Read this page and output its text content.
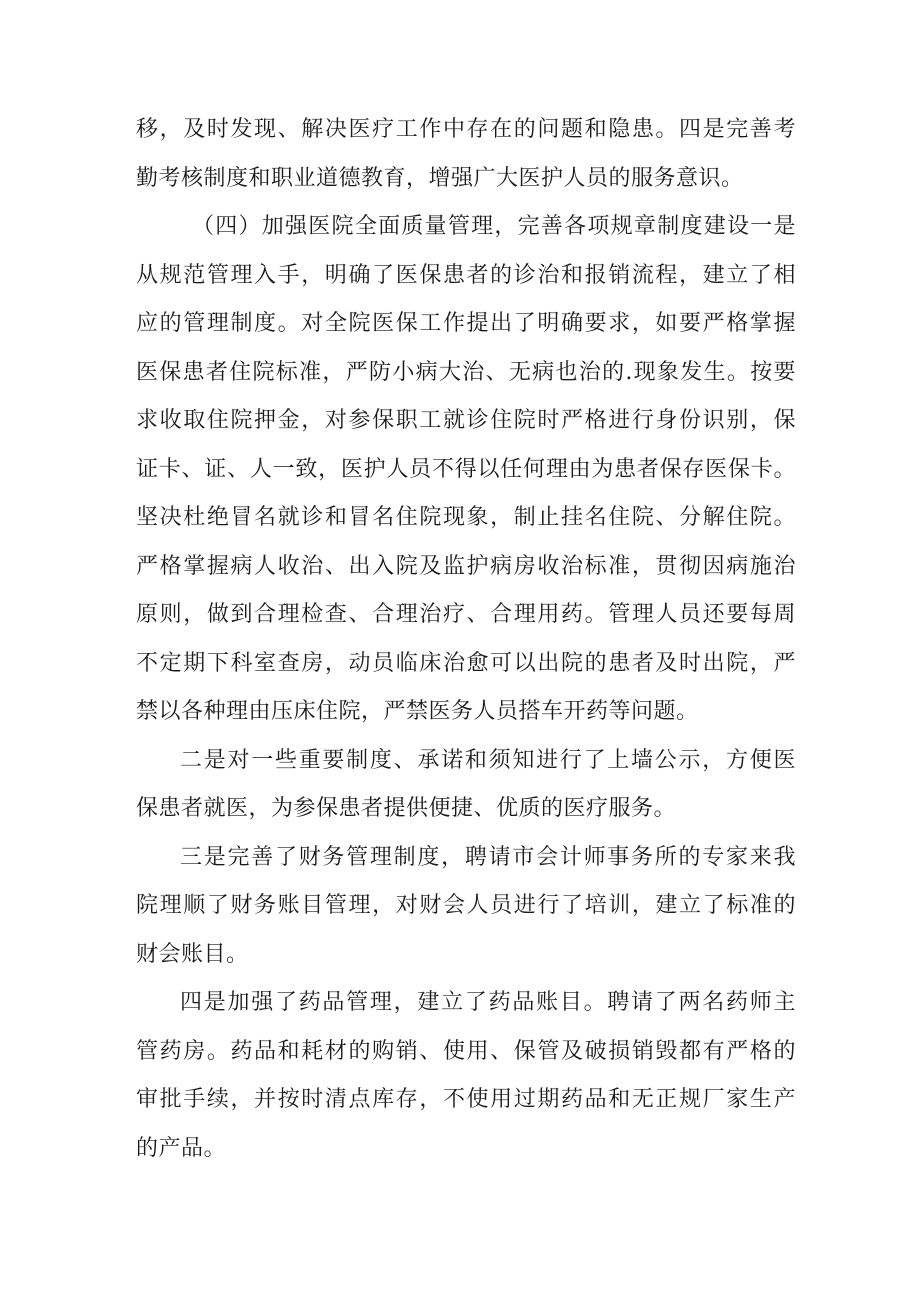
移，及时发现、解决医疗工作中存在的问题和隐患。四是完善考
勤考核制度和职业道德教育，增强广大医护人员的服务意识。
（四）加强医院全面质量管理，完善各项规章制度建设一是
从规范管理入手，明确了医保患者的诊治和报销流程，建立了相
应的管理制度。对全院医保工作提出了明确要求，如要严格掌握
医保患者住院标准，严防小病大治、无病也治的.现象发生。按要
求收取住院押金，对参保职工就诊住院时严格进行身份识别，保
证卡、证、人一致，医护人员不得以任何理由为患者保存医保卡。
坚决杜绝冒名就诊和冒名住院现象，制止挂名住院、分解住院。
严格掌握病人收治、出入院及监护病房收治标准，贯彻因病施治
原则，做到合理检查、合理治疗、合理用药。管理人员还要每周
不定期下科室查房，动员临床治愈可以出院的患者及时出院，严
禁以各种理由压床住院，严禁医务人员搭车开药等问题。
二是对一些重要制度、承诺和须知进行了上墙公示，方便医
保患者就医，为参保患者提供便捷、优质的医疗服务。
三是完善了财务管理制度，聘请市会计师事务所的专家来我
院理顺了财务账目管理，对财会人员进行了培训，建立了标准的
财会账目。
四是加强了药品管理，建立了药品账目。聘请了两名药师主
管药房。药品和耗材的购销、使用、保管及破损销毁都有严格的
审批手续，并按时清点库存，不使用过期药品和无正规厂家生产
的产品。
